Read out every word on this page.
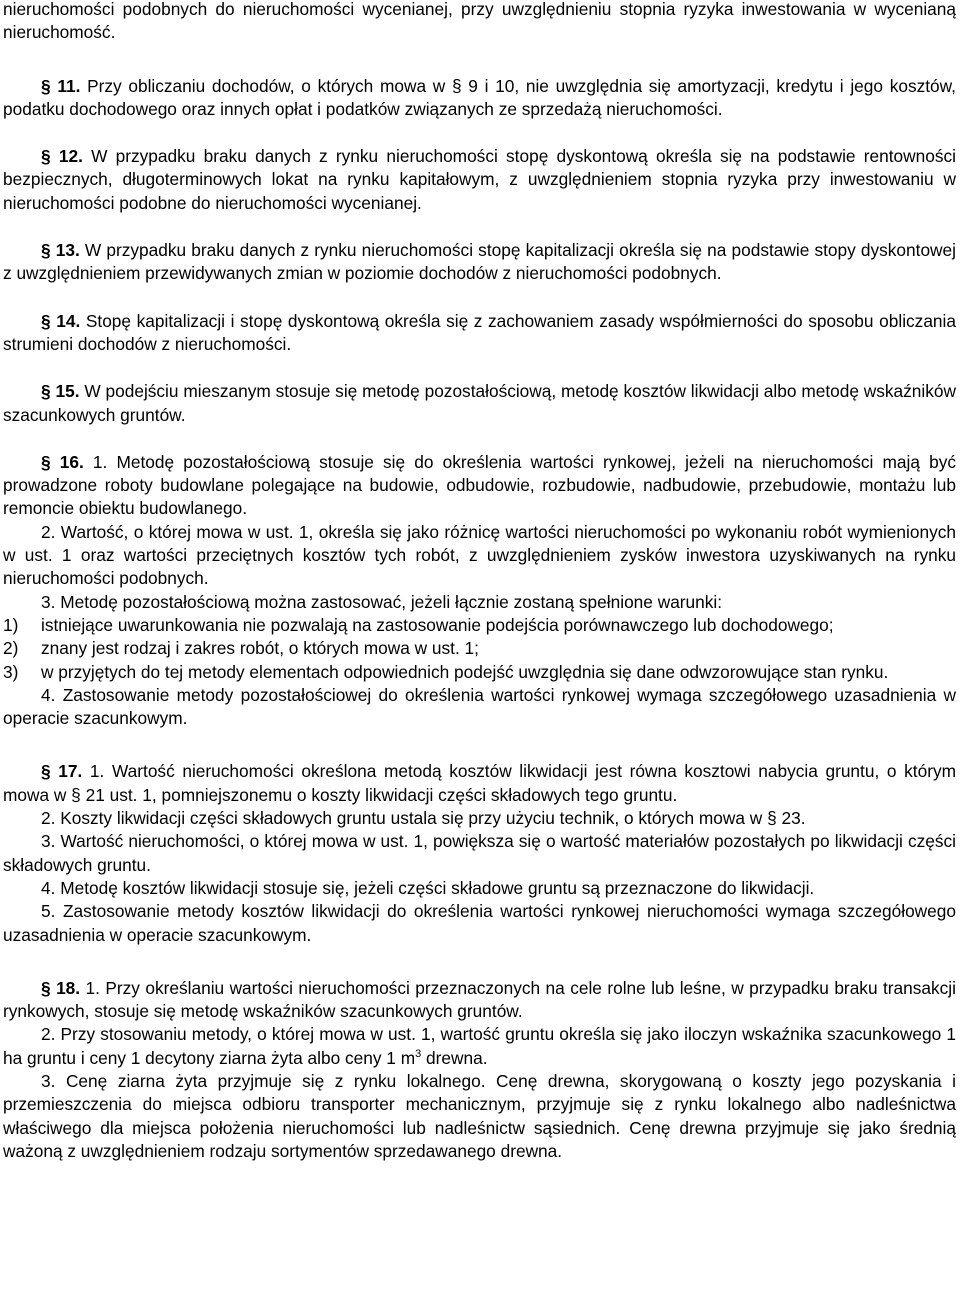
nieruchomości podobnych do nieruchomości wycenianej, przy uwzględnieniu stopnia ryzyka inwestowania w wycenianą nieruchomość.

§ 11. Przy obliczaniu dochodów, o których mowa w § 9 i 10, nie uwzględnia się amortyzacji, kredytu i jego kosztów, podatku dochodowego oraz innych opłat i podatków związanych ze sprzedażą nieruchomości.

§ 12. W przypadku braku danych z rynku nieruchomości stopę dyskontową określa się na podstawie rentowności bezpiecznych, długoterminowych lokat na rynku kapitałowym, z uwzględnieniem stopnia ryzyka przy inwestowaniu w nieruchomości podobne do nieruchomości wycenianej.

§ 13. W przypadku braku danych z rynku nieruchomości stopę kapitalizacji określa się na podstawie stopy dyskontowej z uwzględnieniem przewidywanych zmian w poziomie dochodów z nieruchomości podobnych.

§ 14. Stopę kapitalizacji i stopę dyskontową określa się z zachowaniem zasady współmierności do sposobu obliczania strumieni dochodów z nieruchomości.

§ 15. W podejściu mieszanym stosuje się metodę pozostałościową, metodę kosztów likwidacji albo metodę wskaźników szacunkowych gruntów.

§ 16. 1. Metodę pozostałościową stosuje się do określenia wartości rynkowej, jeżeli na nieruchomości mają być prowadzone roboty budowlane polegające na budowie, odbudowie, rozbudowie, nadbudowie, przebudowie, montażu lub remoncie obiektu budowlanego.

2. Wartość, o której mowa w ust. 1, określa się jako różnicę wartości nieruchomości po wykonaniu robót wymienionych w ust. 1 oraz wartości przeciętnych kosztów tych robót, z uwzględnieniem zysków inwestora uzyskiwanych na rynku nieruchomości podobnych.

3. Metodę pozostałościową można zastosować, jeżeli łącznie zostaną spełnione warunki:

1)	istniejące uwarunkowania nie pozwalają na zastosowanie podejścia porównawczego lub dochodowego;
2)	znany jest rodzaj i zakres robót, o których mowa w ust. 1;
3)	w przyjętych do tej metody elementach odpowiednich podejść uwzględnia się dane odwzorowujące stan rynku.

4. Zastosowanie metody pozostałościowej do określenia wartości rynkowej wymaga szczegółowego uzasadnienia w operacie szacunkowym.

§ 17. 1. Wartość nieruchomości określona metodą kosztów likwidacji jest równa kosztowi nabycia gruntu, o którym mowa w § 21 ust. 1, pomniejszonemu o koszty likwidacji części składowych tego gruntu.

2. Koszty likwidacji części składowych gruntu ustala się przy użyciu technik, o których mowa w § 23.

3. Wartość nieruchomości, o której mowa w ust. 1, powiększa się o wartość materiałów pozostałych po likwidacji części składowych gruntu.

4. Metodę kosztów likwidacji stosuje się, jeżeli części składowe gruntu są przeznaczone do likwidacji.

5. Zastosowanie metody kosztów likwidacji do określenia wartości rynkowej nieruchomości wymaga szczegółowego uzasadnienia w operacie szacunkowym.

§ 18. 1. Przy określaniu wartości nieruchomości przeznaczonych na cele rolne lub leśne, w przypadku braku transakcji rynkowych, stosuje się metodę wskaźników szacunkowych gruntów.

2. Przy stosowaniu metody, o której mowa w ust. 1, wartość gruntu określa się jako iloczyn wskaźnika szacunkowego 1 ha gruntu i ceny 1 decytony ziarna żyta albo ceny 1 $m^3$ drewna.

3. Cenę ziarna żyta przyjmuje się z rynku lokalnego. Cenę drewna, skorygowaną o koszty jego pozyskania i przemieszczenia do miejsca odbioru transporter mechanicznym, przyjmuje się z rynku lokalnego albo nadleśnictwa właściwego dla miejsca położenia nieruchomości lub nadleśnictw sąsiednich. Cenę drewna przyjmuje się jako średnią ważoną z uwzględnieniem rodzaju sortymentów sprzedawanego drewna.
